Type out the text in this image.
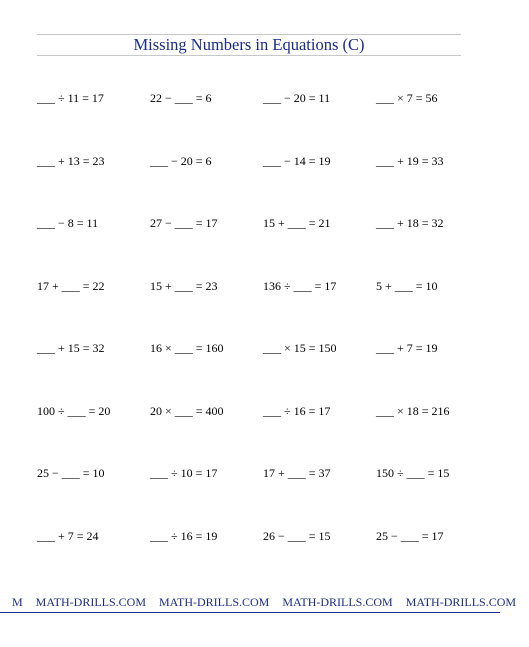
Missing Numbers in Equations (C)
___ ÷ 11 = 17	22 − ___ = 6	___ − 20 = 11	___ × 7 = 56
___ + 13 = 23	___ − 20 = 6	___ − 14 = 19	___ + 19 = 33
___ − 8 = 11	27 − ___ = 17	15 + ___ = 21	___ + 18 = 32
17 + ___ = 22	15 + ___ = 23	136 ÷ ___ = 17	5 + ___ = 10
___ + 15 = 32	16 × ___ = 160	___ × 15 = 150	___ + 7 = 19
100 ÷ ___ = 20	20 × ___ = 400	___ ÷ 16 = 17	___ × 18 = 216
25 − ___ = 10	___ ÷ 10 = 17	17 + ___ = 37	150 ÷ ___ = 15
___ + 7 = 24	___ ÷ 16 = 19	26 − ___ = 15	25 − ___ = 17
M MATH-DRILLS.COM MATH-DRILLS.COM MATH-DRILLS.COM MATH-DRILLS.COM
